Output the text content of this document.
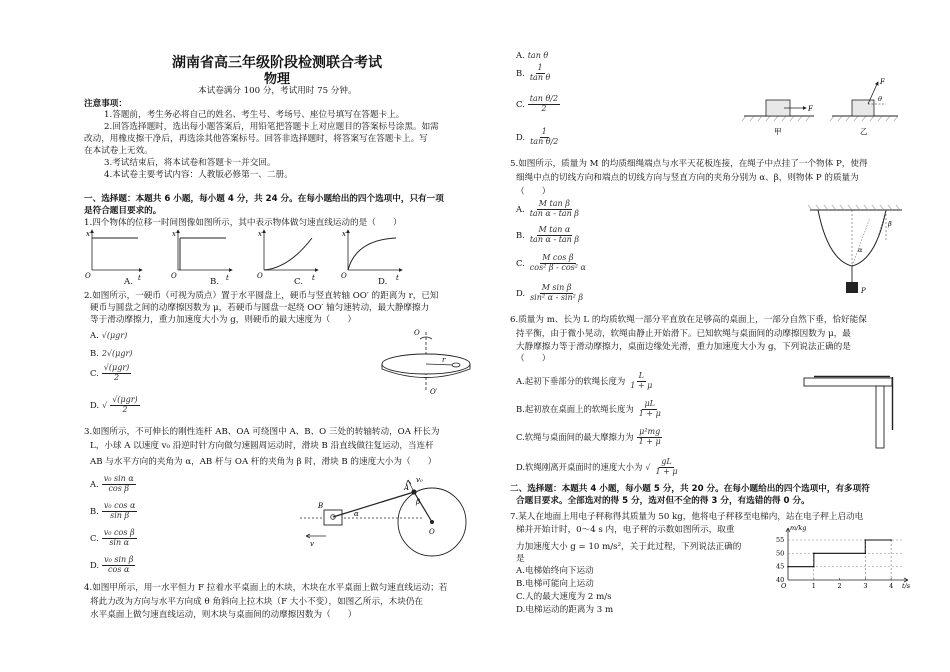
湖南省高三年级阶段检测联合考试
物理
本试卷满分 100 分，考试用时 75 分钟。
注意事项：
1.答题前，考生务必将自己的姓名、考生号、考场号、座位号填写在答题卡上。
2.回答选择题时，选出每小题答案后，用铅笔把答题卡上对应题目的答案标号涂黑。如需
改动，用橡皮擦干净后，再选涂其他答案标号。回答非选择题时，将答案写在答题卡上。写
在本试卷上无效。
3.考试结束后，将本试卷和答题卡一并交回。
4.本试卷主要考试内容：人教版必修第一、二册。
一、选择题：本题共 6 小题，每小题 4 分，共 24 分。在每小题给出的四个选项中，只有一项
是符合题目要求的。
1.四个物体的位移一时间图像如图所示，其中表示物体做匀速直线运动的是（　　）
x
t
O
x
t
O
x
t
O
x
t
O
A.	B.	C.	D.
2.如图所示，一硬币（可视为质点）置于水平圆盘上，硬币与竖直转轴 OO′ 的距离为 r，已知
硬币与圆盘之间的动摩擦因数为 μ，若硬币与圆盘一起绕 OO′ 轴匀速转动，最大静摩擦力
等于滑动摩擦力，重力加速度大小为 g，则硬币的最大速度为（　　）
A. √(μgr)
B. 2√(μgr)
C. $\frac{\text{√(μgr)}}{2}$
D. √ $\frac{\text{√(μgr)}}{2}$
O
r
O′
3.如图所示，不可伸长的刚性连杆 AB、OA 可绕图中 A、B、O 三处的转轴转动，OA 杆长为
L，小球 A 以速度 v₀ 沿逆时针方向做匀速圆周运动时，滑块 B 沿直线做往复运动，当连杆
AB 与水平方向的夹角为 α，AB 杆与 OA 杆的夹角为 β 时，滑块 B 的速度大小为（　　）
A. $\frac{\text{v₀ sin α}}{\text{cos β}}$
B. $\frac{\text{v₀ cos α}}{\text{sin β}}$
C. $\frac{\text{v₀ cos β}}{\text{sin α}}$
D. $\frac{\text{v₀ sin β}}{\text{cos α}}$
v₀
A
B
O
v
α
β
4.如图甲所示，用一水平恒力 F 拉着水平桌面上的木块，木块在水平桌面上做匀速直线运动；若
将此力改为方向与水平方向成 θ 角斜向上拉木块（F 大小不变），如图乙所示，木块仍在
水平桌面上做匀速直线运动，则木块与桌面间的动摩擦因数为（　　）
A. tan θ
B. $\frac{1}{\text{tan θ}}$
C. $\frac{\text{tan θ/2}}{2}$
D. $\frac{1}{\text{tan θ/2}}$
F
甲
F
θ
乙
5.如图所示，质量为 M 的均质细绳端点与水平天花板连接，在绳子中点挂了一个物体 P，使得
细绳中点的切线方向和端点的切线方向与竖直方向的夹角分别为 α、β，则物体 P 的质量为
（　　）
A. $\frac{\text{M tan β}}{\text{tan α - tan β}}$
B. $\frac{\text{M tan α}}{\text{tan α - tan β}}$
C. $\frac{\text{M cos β}}{\text{cos² β - cos² α}}$
D. $\frac{\text{M sin β}}{\text{sin² α - sin² β}}$
α
β
P
6.质量为 m、长为 L 的均质软绳一部分平直放在足够高的桌面上，一部分自然下垂，恰好能保
持平衡，由于微小晃动，软绳由静止开始滑下。已知软绳与桌面间的动摩擦因数为 μ，最
大静摩擦力等于滑动摩擦力，桌面边缘处光滑，重力加速度大小为 g，下列说法正确的是
（　　）
A.起初下垂部分的软绳长度为 $\frac{L}{1 + \mu}$
B.起初放在桌面上的软绳长度为 $\frac{\mu L}{1 + \mu}$
C.软绳与桌面间的最大摩擦力为 $\frac{\text{μ²mg}}{1 + \mu}$
D.软绳刚离开桌面时的速度大小为 √ $\frac{gL}{1 + \mu}$
二、选择题：本题共 4 小题，每小题 5 分，共 20 分。在每小题给出的四个选项中，有多项符
合题目要求。全部选对的得 5 分，选对但不全的得 3 分，有选错的得 0 分。
7.某人在地面上用电子秤称得其质量为 50 kg，他将电子秤移至电梯内，站在电子秤上启动电
梯并开始计时，0～4 s 内，电子秤的示数如图所示，取重
力加速度大小 g = 10 m/s²，关于此过程，下列说法正确的
是
A.电梯始终向下运动
B.电梯可能向上运动
C.人的最大速度为 2 m/s
D.电梯运动的距离为 3 m
m/kg
t/s
O	1	2	3	4
40
45
50
55
